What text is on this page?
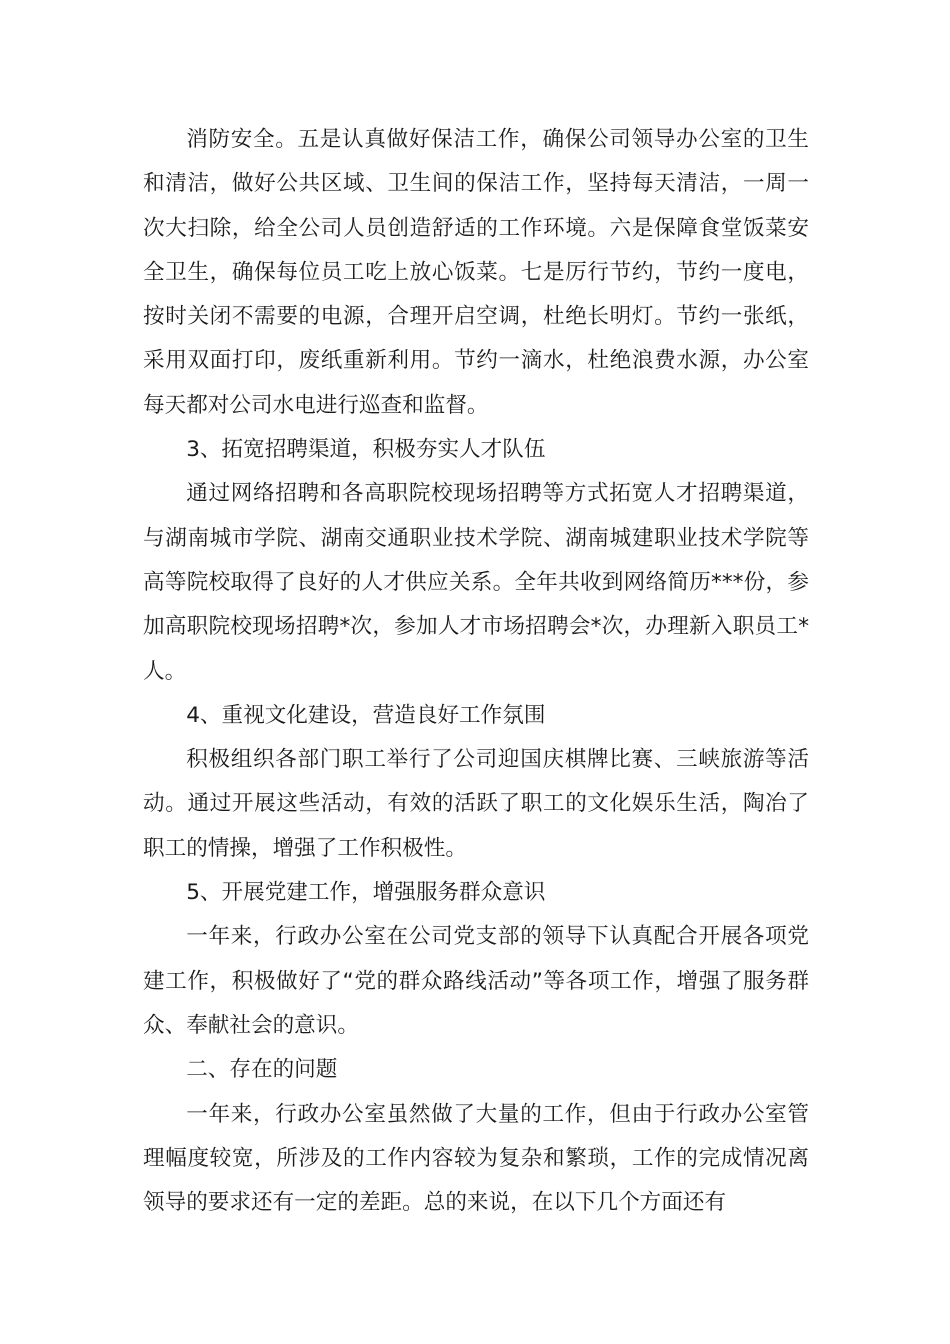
消防安全。五是认真做好保洁工作，确保公司领导办公室的卫生和清洁，做好公共区域、卫生间的保洁工作，坚持每天清洁，一周一次大扫除，给全公司人员创造舒适的工作环境。六是保障食堂饭菜安全卫生，确保每位员工吃上放心饭菜。七是厉行节约，节约一度电，按时关闭不需要的电源，合理开启空调，杜绝长明灯。节约一张纸，采用双面打印，废纸重新利用。节约一滴水，杜绝浪费水源，办公室每天都对公司水电进行巡查和监督。

3、拓宽招聘渠道，积极夯实人才队伍

通过网络招聘和各高职院校现场招聘等方式拓宽人才招聘渠道，与湖南城市学院、湖南交通职业技术学院、湖南城建职业技术学院等高等院校取得了良好的人才供应关系。全年共收到网络简历***份，参加高职院校现场招聘*次，参加人才市场招聘会*次，办理新入职员工*人。

4、重视文化建设，营造良好工作氛围

积极组织各部门职工举行了公司迎国庆棋牌比赛、三峡旅游等活动。通过开展这些活动，有效的活跃了职工的文化娱乐生活，陶冶了职工的情操，增强了工作积极性。

5、开展党建工作，增强服务群众意识

一年来，行政办公室在公司党支部的领导下认真配合开展各项党建工作，积极做好了“党的群众路线活动”等各项工作，增强了服务群众、奉献社会的意识。

二、存在的问题

一年来，行政办公室虽然做了大量的工作，但由于行政办公室管理幅度较宽，所涉及的工作内容较为复杂和繁琐，工作的完成情况离领导的要求还有一定的差距。总的来说，在以下几个方面还有
